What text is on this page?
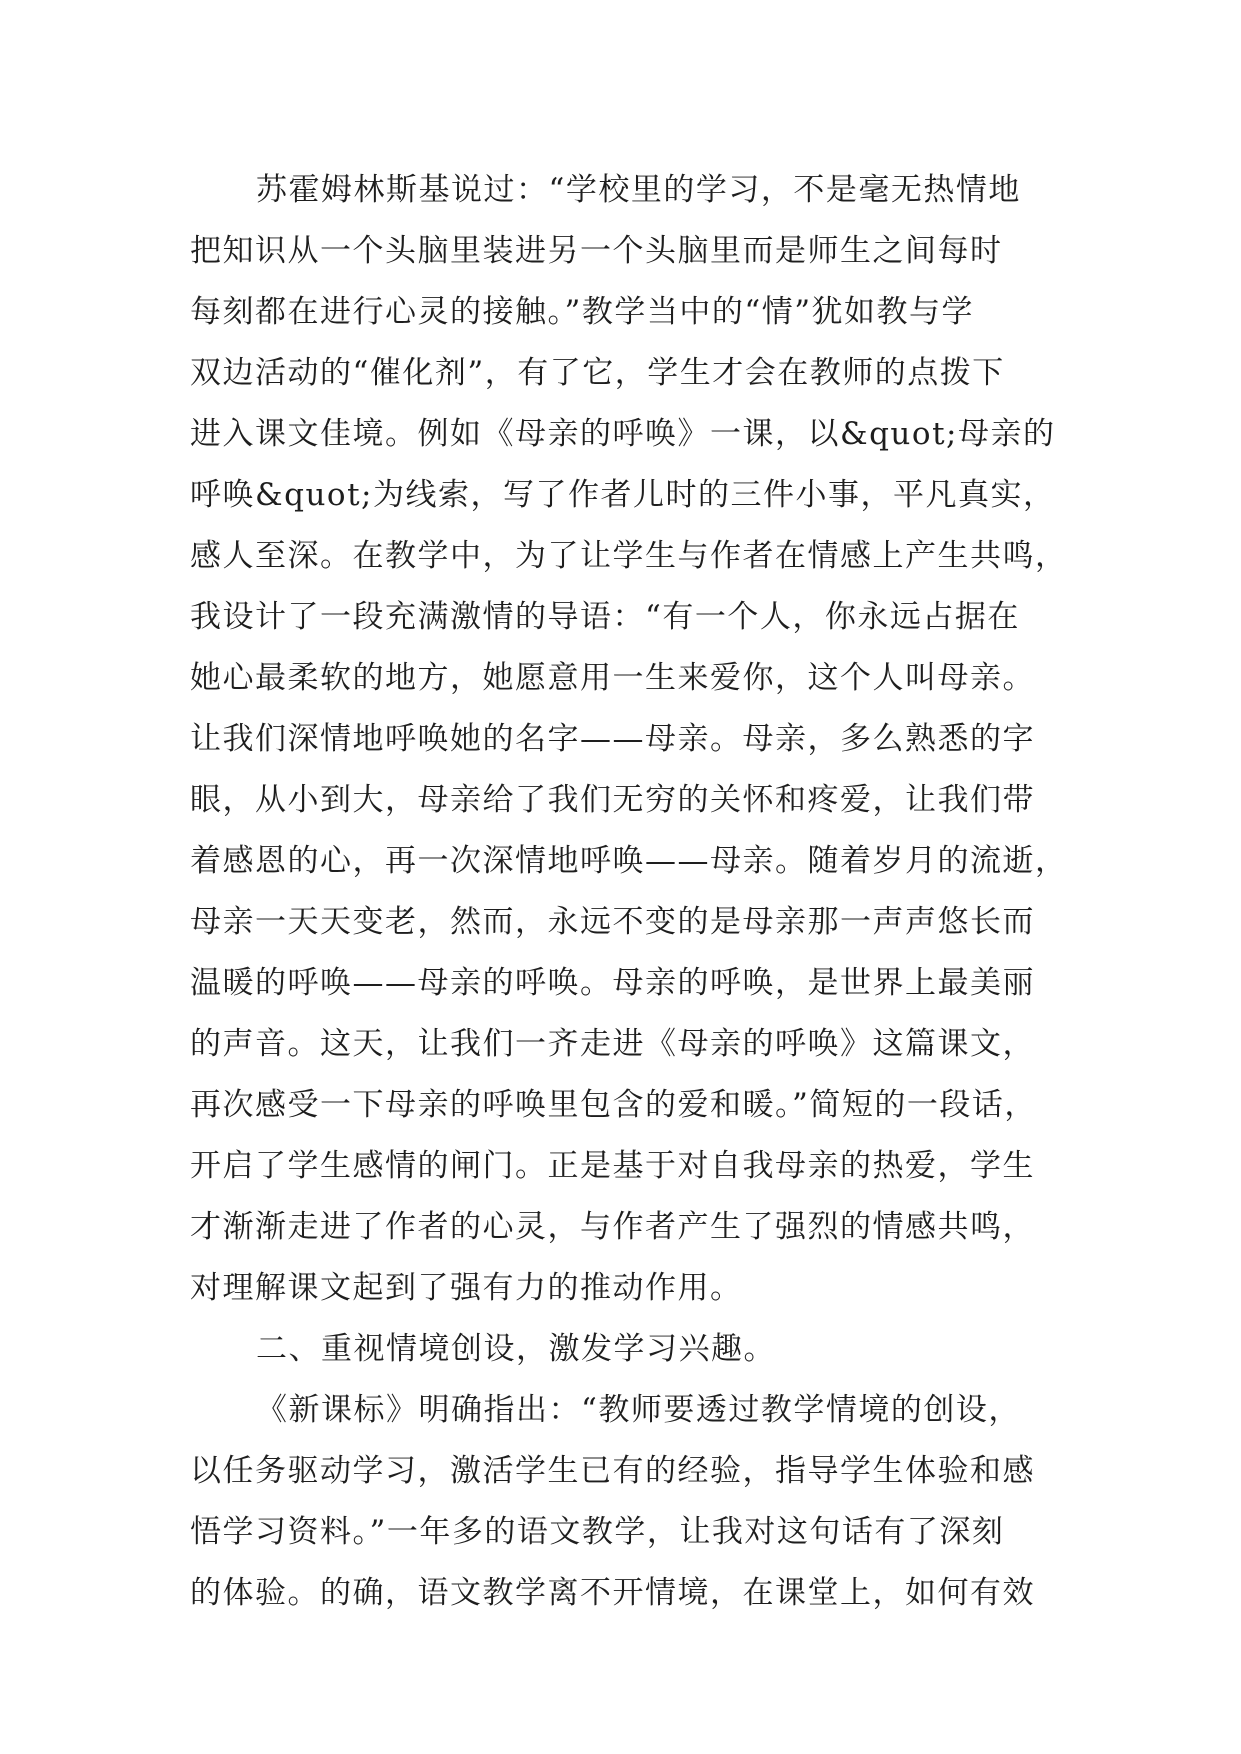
苏霍姆林斯基说过：“学校里的学习，不是毫无热情地
把知识从一个头脑里装进另一个头脑里而是师生之间每时
每刻都在进行心灵的接触。”教学当中的“情”犹如教与学
双边活动的“催化剂”，有了它，学生才会在教师的点拨下
进入课文佳境。例如《母亲的呼唤》一课，以&quot;母亲的
呼唤&quot;为线索，写了作者儿时的三件小事，平凡真实，
感人至深。在教学中，为了让学生与作者在情感上产生共鸣，
我设计了一段充满激情的导语：“有一个人，你永远占据在
她心最柔软的地方，她愿意用一生来爱你，这个人叫母亲。
让我们深情地呼唤她的名字——母亲。母亲，多么熟悉的字
眼，从小到大，母亲给了我们无穷的关怀和疼爱，让我们带
着感恩的心，再一次深情地呼唤——母亲。随着岁月的流逝，
母亲一天天变老，然而，永远不变的是母亲那一声声悠长而
温暖的呼唤——母亲的呼唤。母亲的呼唤，是世界上最美丽
的声音。这天，让我们一齐走进《母亲的呼唤》这篇课文，
再次感受一下母亲的呼唤里包含的爱和暖。”简短的一段话，
开启了学生感情的闸门。正是基于对自我母亲的热爱，学生
才渐渐走进了作者的心灵，与作者产生了强烈的情感共鸣，
对理解课文起到了强有力的推动作用。
二、重视情境创设，激发学习兴趣。
《新课标》明确指出：“教师要透过教学情境的创设，
以任务驱动学习，激活学生已有的经验，指导学生体验和感
悟学习资料。”一年多的语文教学，让我对这句话有了深刻
的体验。的确，语文教学离不开情境，在课堂上，如何有效
